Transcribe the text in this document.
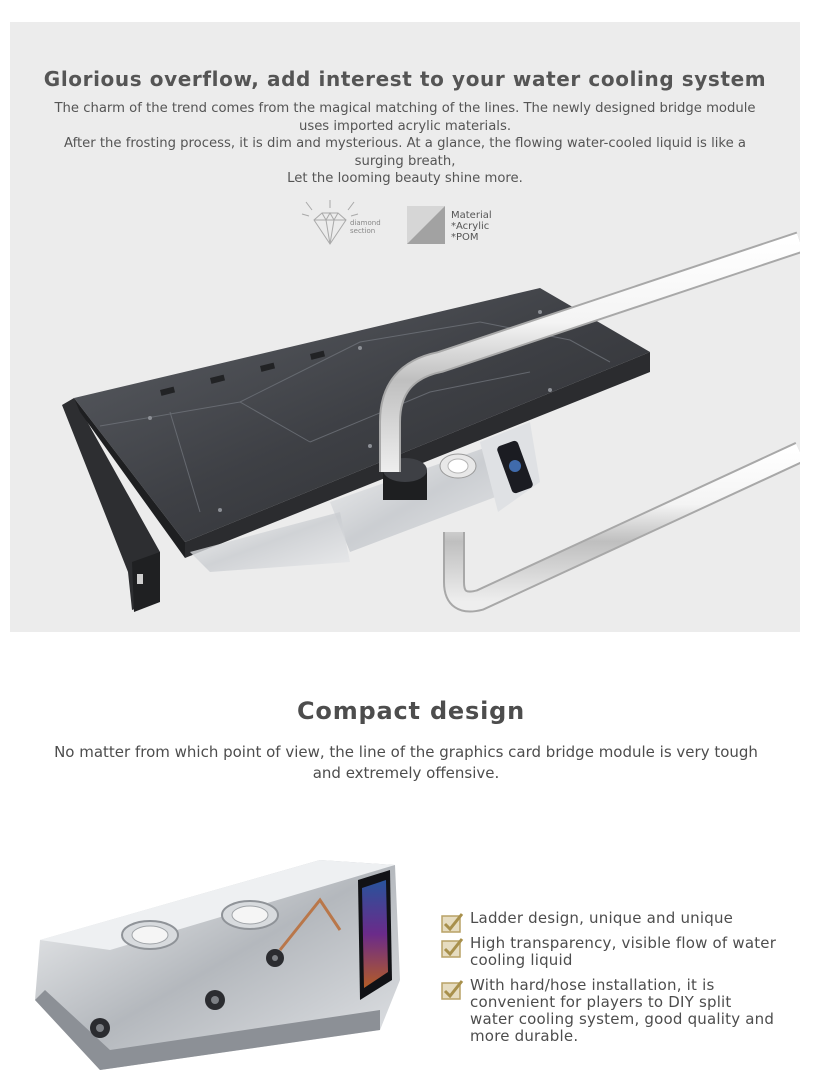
Glorious overflow, add interest to your water cooling system
The charm of the trend comes from the magical matching of the lines. The newly designed bridge module uses imported acrylic materials.
After the frosting process, it is dim and mysterious. At a glance, the flowing water-cooled liquid is like a surging breath,
Let the looming beauty shine more.
diamond
section
Material
*Acrylic
*POM
Compact design

No matter from which point of view, the line of the graphics card bridge module is very tough and extremely offensive.

Ladder design, unique and unique
High transparency, visible flow of water cooling liquid
With hard/hose installation, it is convenient for players to DIY split water cooling system, good quality and more durable.
